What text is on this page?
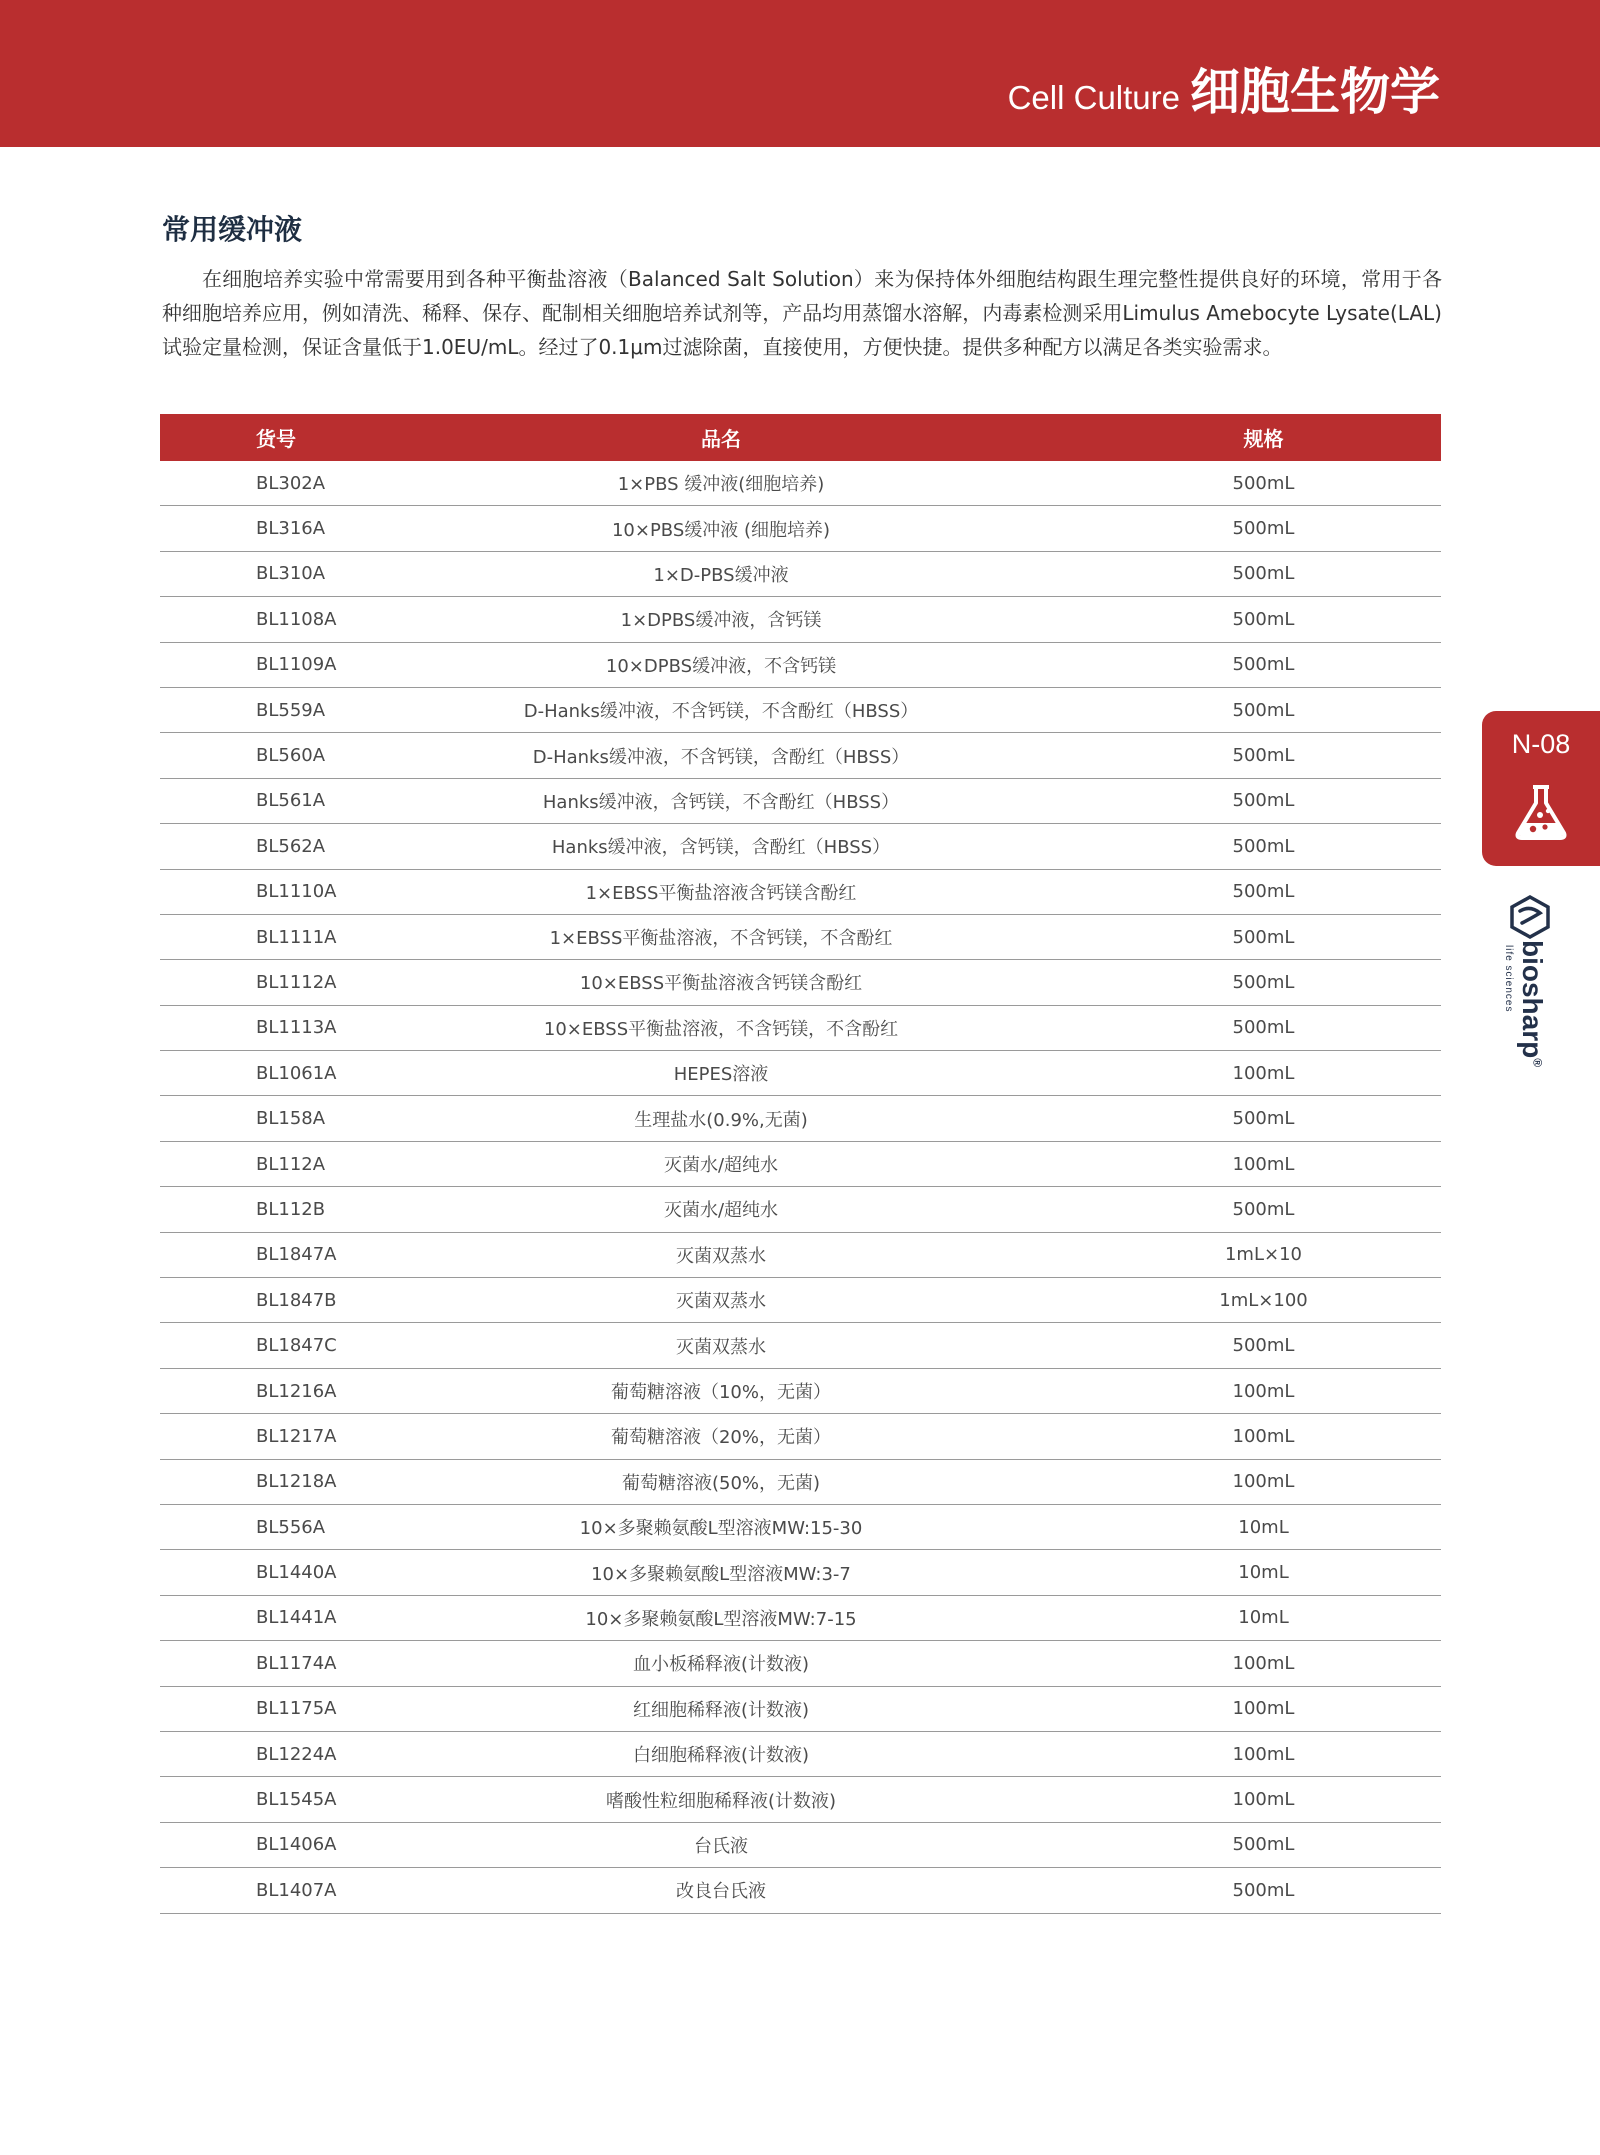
Cell Culture 细胞生物学
常用缓冲液
在细胞培养实验中常需要用到各种平衡盐溶液（Balanced Salt Solution）来为保持体外细胞结构跟生理完整性提供良好的环境，常用于各种细胞培养应用，例如清洗、稀释、保存、配制相关细胞培养试剂等，产品均用蒸馏水溶解，内毒素检测采用Limulus Amebocyte Lysate(LAL)试验定量检测，保证含量低于1.0EU/mL。经过了0.1μm过滤除菌，直接使用，方便快捷。提供多种配方以满足各类实验需求。
货号	品名	规格
BL302A	1×PBS 缓冲液(细胞培养)	500mL
BL316A	10×PBS缓冲液 (细胞培养)	500mL
BL310A	1×D-PBS缓冲液	500mL
BL1108A	1×DPBS缓冲液，含钙镁	500mL
BL1109A	10×DPBS缓冲液，不含钙镁	500mL
BL559A	D-Hanks缓冲液，不含钙镁，不含酚红（HBSS）	500mL
BL560A	D-Hanks缓冲液，不含钙镁，含酚红（HBSS）	500mL
BL561A	Hanks缓冲液，含钙镁，不含酚红（HBSS）	500mL
BL562A	Hanks缓冲液，含钙镁，含酚红（HBSS）	500mL
BL1110A	1×EBSS平衡盐溶液含钙镁含酚红	500mL
BL1111A	1×EBSS平衡盐溶液，不含钙镁，不含酚红	500mL
BL1112A	10×EBSS平衡盐溶液含钙镁含酚红	500mL
BL1113A	10×EBSS平衡盐溶液，不含钙镁，不含酚红	500mL
BL1061A	HEPES溶液	100mL
BL158A	生理盐水(0.9%,无菌)	500mL
BL112A	灭菌水/超纯水	100mL
BL112B	灭菌水/超纯水	500mL
BL1847A	灭菌双蒸水	1mL×10
BL1847B	灭菌双蒸水	1mL×100
BL1847C	灭菌双蒸水	500mL
BL1216A	葡萄糖溶液（10%，无菌）	100mL
BL1217A	葡萄糖溶液（20%，无菌）	100mL
BL1218A	葡萄糖溶液(50%，无菌)	100mL
BL556A	10×多聚赖氨酸L型溶液MW:15-30	10mL
BL1440A	10×多聚赖氨酸L型溶液MW:3-7	10mL
BL1441A	10×多聚赖氨酸L型溶液MW:7-15	10mL
BL1174A	血小板稀释液(计数液)	100mL
BL1175A	红细胞稀释液(计数液)	100mL
BL1224A	白细胞稀释液(计数液)	100mL
BL1545A	嗜酸性粒细胞稀释液(计数液)	100mL
BL1406A	台氏液	500mL
BL1407A	改良台氏液	500mL
N-08
biosharp®
life sciences
